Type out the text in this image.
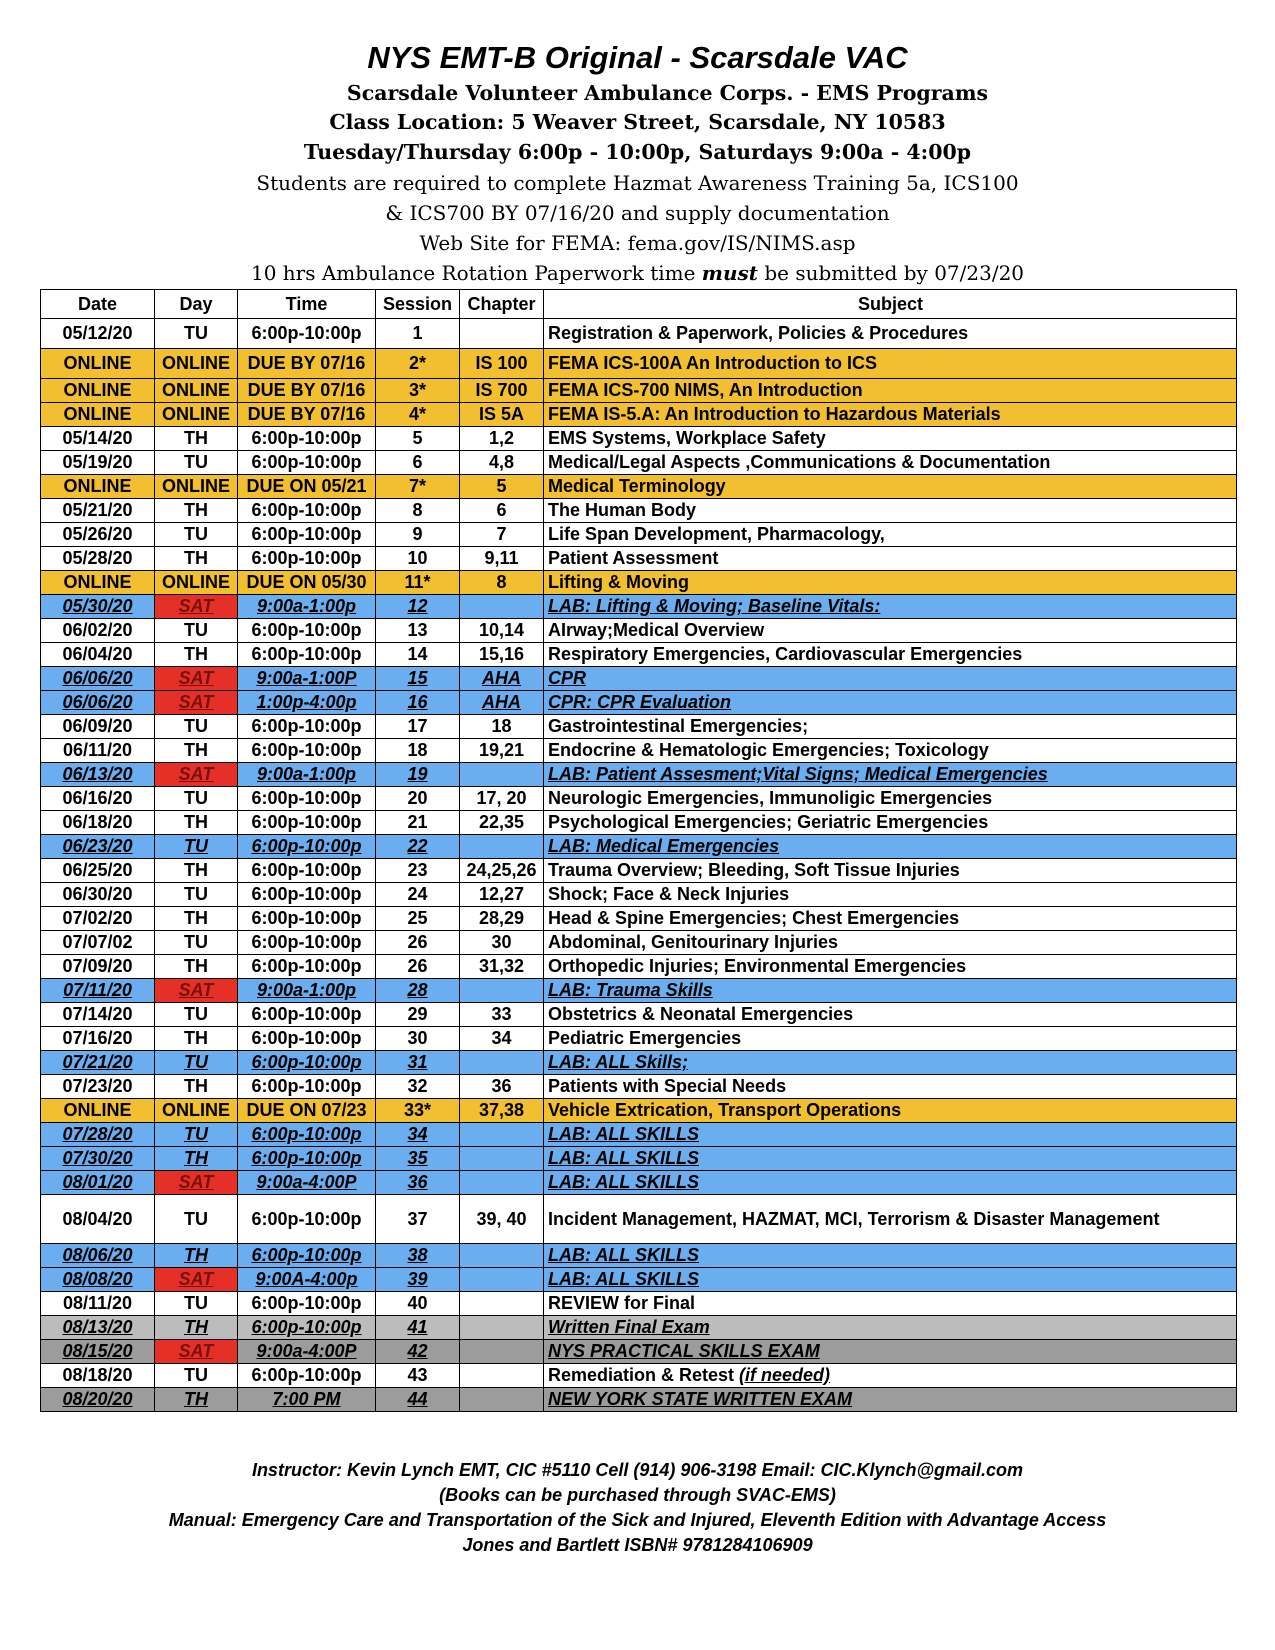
NYS EMT-B Original - Scarsdale VAC
Scarsdale Volunteer Ambulance Corps. - EMS Programs
Class Location: 5 Weaver Street, Scarsdale, NY 10583
Tuesday/Thursday 6:00p - 10:00p, Saturdays 9:00a - 4:00p
Students are required to complete Hazmat Awareness Training 5a, ICS100
& ICS700 BY 07/16/20 and supply documentation
Web Site for FEMA: fema.gov/IS/NIMS.asp
10 hrs Ambulance Rotation Paperwork time must be submitted by 07/23/20
Date	Day	Time	Session	Chapter	Subject
05/12/20	TU	6:00p-10:00p	1		Registration & Paperwork, Policies & Procedures
ONLINE	ONLINE	DUE BY 07/16	2*	IS 100	FEMA ICS-100A An Introduction to ICS
ONLINE	ONLINE	DUE BY 07/16	3*	IS 700	FEMA ICS-700 NIMS, An Introduction
ONLINE	ONLINE	DUE BY 07/16	4*	IS 5A	FEMA IS-5.A: An Introduction to Hazardous Materials
05/14/20	TH	6:00p-10:00p	5	1,2	EMS Systems, Workplace Safety
05/19/20	TU	6:00p-10:00p	6	4,8	Medical/Legal Aspects ,Communications & Documentation
ONLINE	ONLINE	DUE ON 05/21	7*	5	Medical Terminology
05/21/20	TH	6:00p-10:00p	8	6	The Human Body
05/26/20	TU	6:00p-10:00p	9	7	Life Span Development, Pharmacology,
05/28/20	TH	6:00p-10:00p	10	9,11	Patient Assessment
ONLINE	ONLINE	DUE ON 05/30	11*	8	Lifting & Moving
05/30/20	SAT	9:00a-1:00p	12		LAB: Lifting & Moving; Baseline Vitals:
06/02/20	TU	6:00p-10:00p	13	10,14	AIrway;Medical Overview
06/04/20	TH	6:00p-10:00p	14	15,16	Respiratory Emergencies, Cardiovascular Emergencies
06/06/20	SAT	9:00a-1:00P	15	AHA	CPR
06/06/20	SAT	1:00p-4:00p	16	AHA	CPR: CPR Evaluation
06/09/20	TU	6:00p-10:00p	17	18	Gastrointestinal Emergencies;
06/11/20	TH	6:00p-10:00p	18	19,21	Endocrine & Hematologic Emergencies; Toxicology
06/13/20	SAT	9:00a-1:00p	19		LAB: Patient Assesment;Vital Signs; Medical Emergencies
06/16/20	TU	6:00p-10:00p	20	17, 20	Neurologic Emergencies, Immunoligic Emergencies
06/18/20	TH	6:00p-10:00p	21	22,35	Psychological Emergencies; Geriatric Emergencies
06/23/20	TU	6:00p-10:00p	22		LAB: Medical Emergencies
06/25/20	TH	6:00p-10:00p	23	24,25,26	Trauma Overview; Bleeding, Soft Tissue Injuries
06/30/20	TU	6:00p-10:00p	24	12,27	Shock; Face & Neck Injuries
07/02/20	TH	6:00p-10:00p	25	28,29	Head & Spine Emergencies; Chest Emergencies
07/07/02	TU	6:00p-10:00p	26	30	Abdominal, Genitourinary Injuries
07/09/20	TH	6:00p-10:00p	26	31,32	Orthopedic Injuries; Environmental Emergencies
07/11/20	SAT	9:00a-1:00p	28		LAB: Trauma Skills
07/14/20	TU	6:00p-10:00p	29	33	Obstetrics & Neonatal Emergencies
07/16/20	TH	6:00p-10:00p	30	34	Pediatric Emergencies
07/21/20	TU	6:00p-10:00p	31		LAB: ALL Skills;
07/23/20	TH	6:00p-10:00p	32	36	Patients with Special Needs
ONLINE	ONLINE	DUE ON 07/23	33*	37,38	Vehicle Extrication, Transport Operations
07/28/20	TU	6:00p-10:00p	34		LAB: ALL SKILLS
07/30/20	TH	6:00p-10:00p	35		LAB: ALL SKILLS
08/01/20	SAT	9:00a-4:00P	36		LAB: ALL SKILLS
08/04/20	TU	6:00p-10:00p	37	39, 40	Incident Management, HAZMAT, MCI, Terrorism & Disaster Management
08/06/20	TH	6:00p-10:00p	38		LAB: ALL SKILLS
08/08/20	SAT	9:00A-4:00p	39		LAB: ALL SKILLS
08/11/20	TU	6:00p-10:00p	40		REVIEW for Final
08/13/20	TH	6:00p-10:00p	41		Written Final Exam
08/15/20	SAT	9:00a-4:00P	42		NYS PRACTICAL SKILLS EXAM
08/18/20	TU	6:00p-10:00p	43		Remediation & Retest (if needed)
08/20/20	TH	7:00 PM	44		NEW YORK STATE WRITTEN EXAM
Instructor: Kevin Lynch EMT, CIC #5110 Cell (914) 906-3198 Email: CIC.Klynch@gmail.com
(Books can be purchased through SVAC-EMS)
Manual: Emergency Care and Transportation of the Sick and Injured, Eleventh Edition with Advantage Access
Jones and Bartlett ISBN# 9781284106909
